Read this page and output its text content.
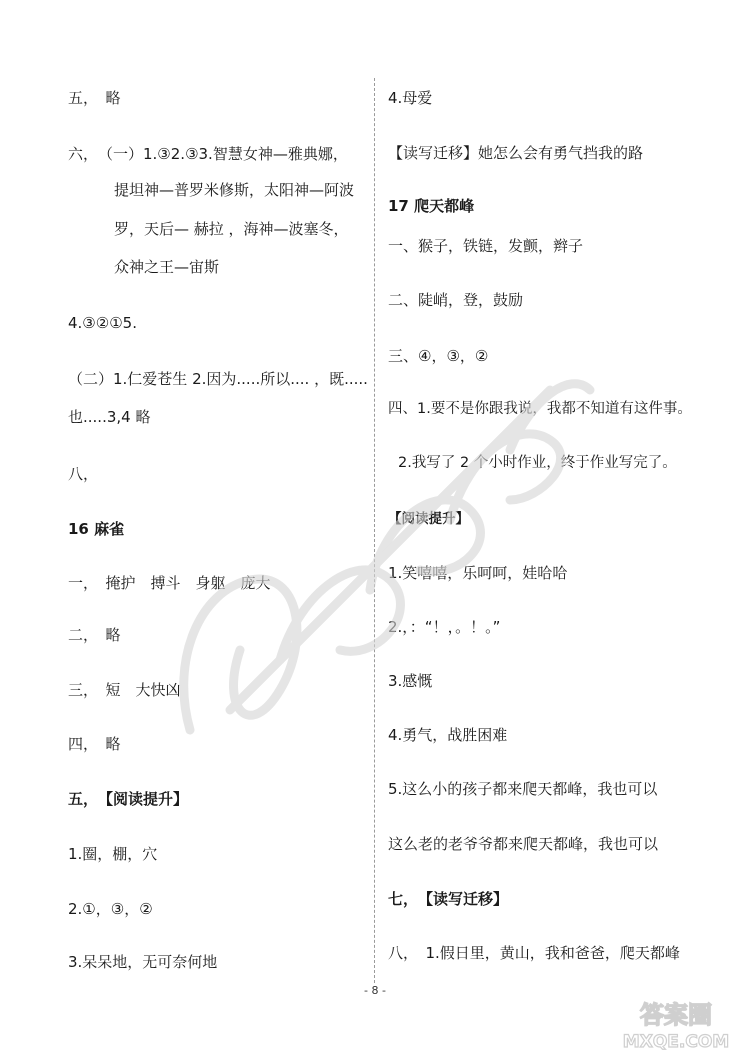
五，　略
六，　（一）1.③2.③3.智慧女神—雅典娜，
提坦神—普罗米修斯，太阳神—阿波
罗，天后— 赫拉 ，海神—波塞冬，
众神之王—宙斯
4.③②①5.
（二）1.仁爱苍生 2.因为.....所以.... ，既.....
也.....3,4 略
八，
16 麻雀
一，　掩护　搏斗　身躯　庞大
二，　略
三，　短　大快凶
四，　略
五，　【阅读提升】
1.圈，棚，穴
2.①，③，②
3.呆呆地，无可奈何地
4.母爱
【读写迁移】她怎么会有勇气挡我的路
17 爬天都峰
一、猴子，铁链，发颤，辫子
二、陡峭，登，鼓励
三、④，③，②
四、1.要不是你跟我说，我都不知道有这件事。
2.我写了 2 个小时作业，终于作业写完了。
【阅读提升】
1.笑嘻嘻，乐呵呵，娃哈哈
2.，：“！，。！。”
3.感慨
4.勇气，战胜困难
5.这么小的孩子都来爬天都峰，我也可以
这么老的老爷爷都来爬天都峰，我也可以
七，　【读写迁移】
八，　1.假日里，黄山，我和爸爸，爬天都峰
- 8 -
答案圈
MXQE.COM
